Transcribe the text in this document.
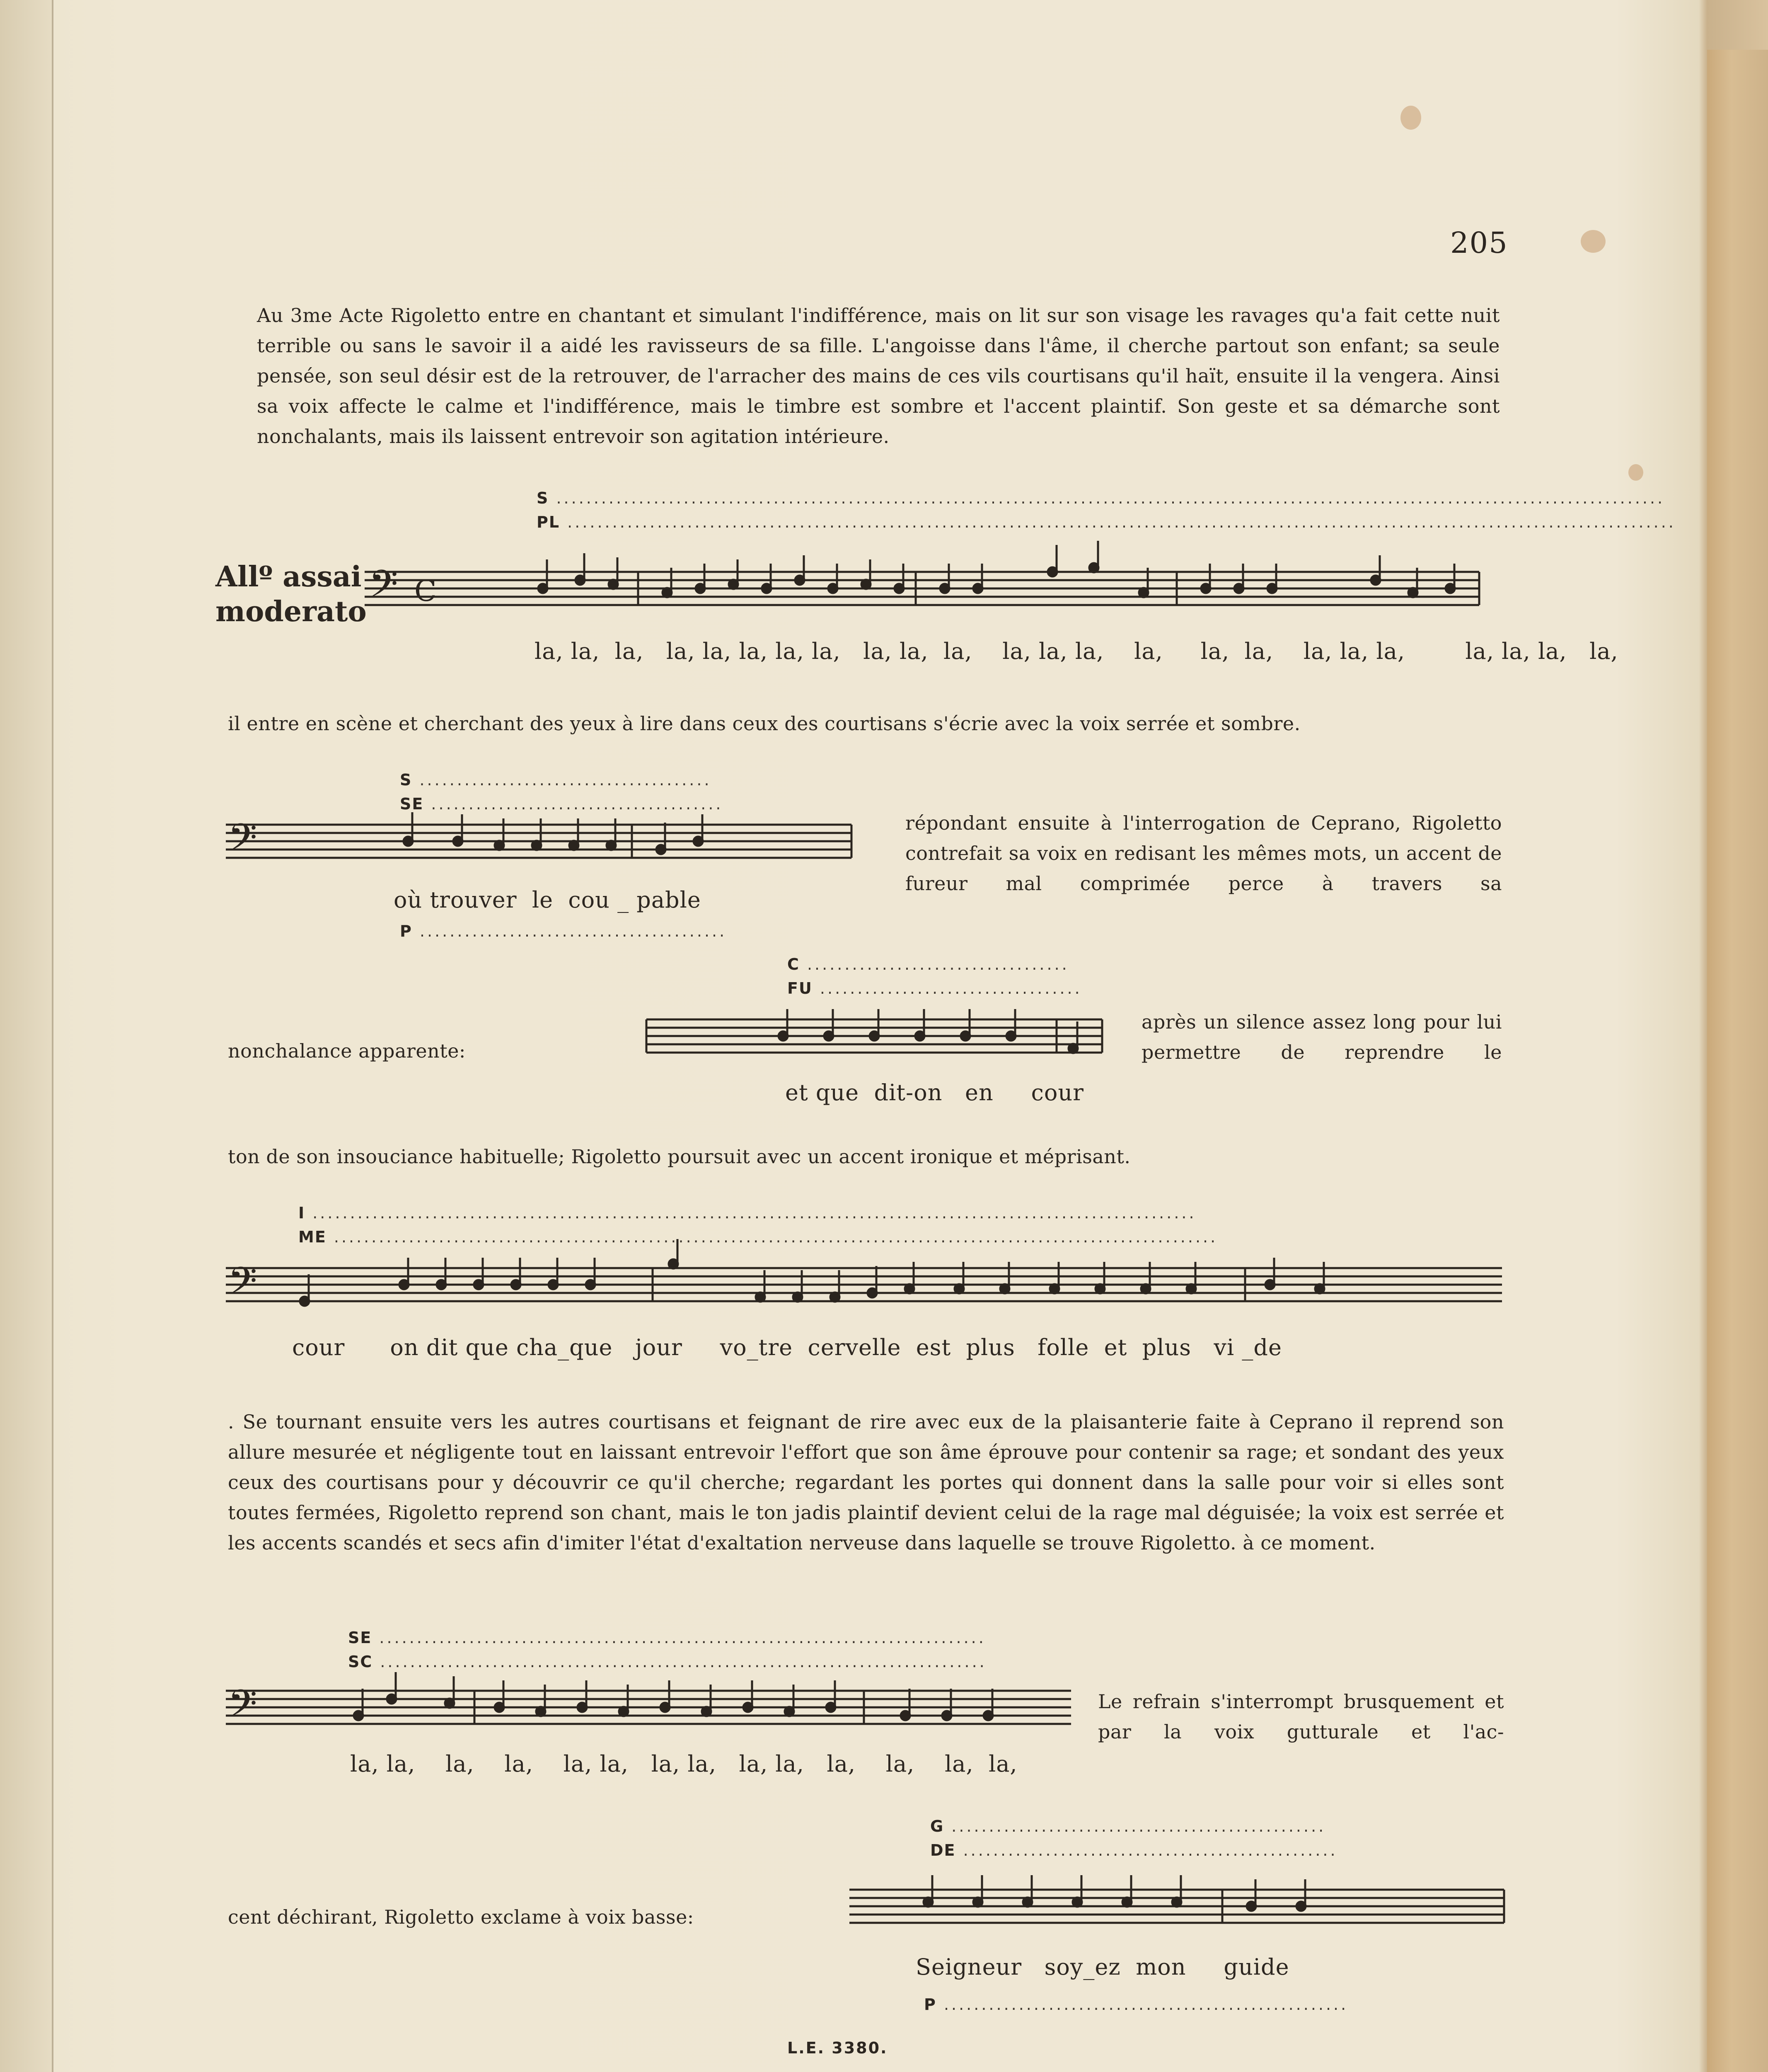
205
Au 3me Acte Rigoletto entre en chantant et simulant l'indifférence, mais on lit sur son visage les ravages qu'a fait cette nuit terrible ou sans le savoir il a aidé les ravisseurs de sa fille. L'angoisse dans l'âme, il cherche partout son enfant; sa seule pensée, son seul désir est de la retrouver, de l'arracher des mains de ces vils courtisans qu'il haït, ensuite il la vengera. Ainsi sa voix affecte le calme et l'indifférence, mais le timbre est sombre et l'accent plaintif. Son geste et sa démarche sont nonchalants, mais ils laissent entrevoir son agitation intérieure.
S ....................................................................................................................................................
PL ....................................................................................................................................................
Allº assai
moderato 𝄢 C
la, la,  la,   la, la, la, la, la,   la, la,  la,    la, la, la,    la,     la,  la,    la, la, la,        la, la, la,   la,
il entre en scène et cherchant des yeux à lire dans ceux des courtisans s'écrie avec la voix serrée et sombre.
S .......................................
SE .......................................
𝄢
où trouver  le  cou _ pable
P .........................................
répondant ensuite à l'interrogation de Ceprano, Rigoletto contrefait sa voix en redisant les mêmes mots, un accent de fureur mal comprimée perce à travers sa
C ...................................
FU ...................................
nonchalance apparente:
et que  dit-on   en     cour
après un silence assez long pour lui permettre de reprendre le
ton de son insouciance habituelle; Rigoletto poursuit avec un accent ironique et méprisant.
I ......................................................................................................................
ME ......................................................................................................................
𝄢
cour      on dit que cha_que   jour     vo_tre  cervelle  est  plus   folle  et  plus   vi _de
. Se tournant ensuite vers les autres courtisans et feignant de rire avec eux de la plaisanterie faite à Ceprano il reprend son allure mesurée et négligente tout en laissant entrevoir l'effort que son âme éprouve pour contenir sa rage; et sondant des yeux ceux des courtisans pour y découvrir ce qu'il cherche; regardant les portes qui donnent dans la salle pour voir si elles sont toutes fermées, Rigoletto reprend son chant, mais le ton jadis plaintif devient celui de la rage mal déguisée; la voix est serrée et les accents scandés et secs afin d'imiter l'état d'exaltation nerveuse dans laquelle se trouve Rigoletto. à ce moment.
SE .................................................................................
SC .................................................................................
𝄢
la, la,    la,    la,    la, la,   la, la,   la, la,   la,    la,    la,  la,
Le refrain s'interrompt brusquement et par la voix gutturale et l'ac-
G ..................................................
DE ..................................................
cent déchirant, Rigoletto exclame à voix basse:
Seigneur   soy_ez  mon     guide
P ......................................................
L.E. 3380.
